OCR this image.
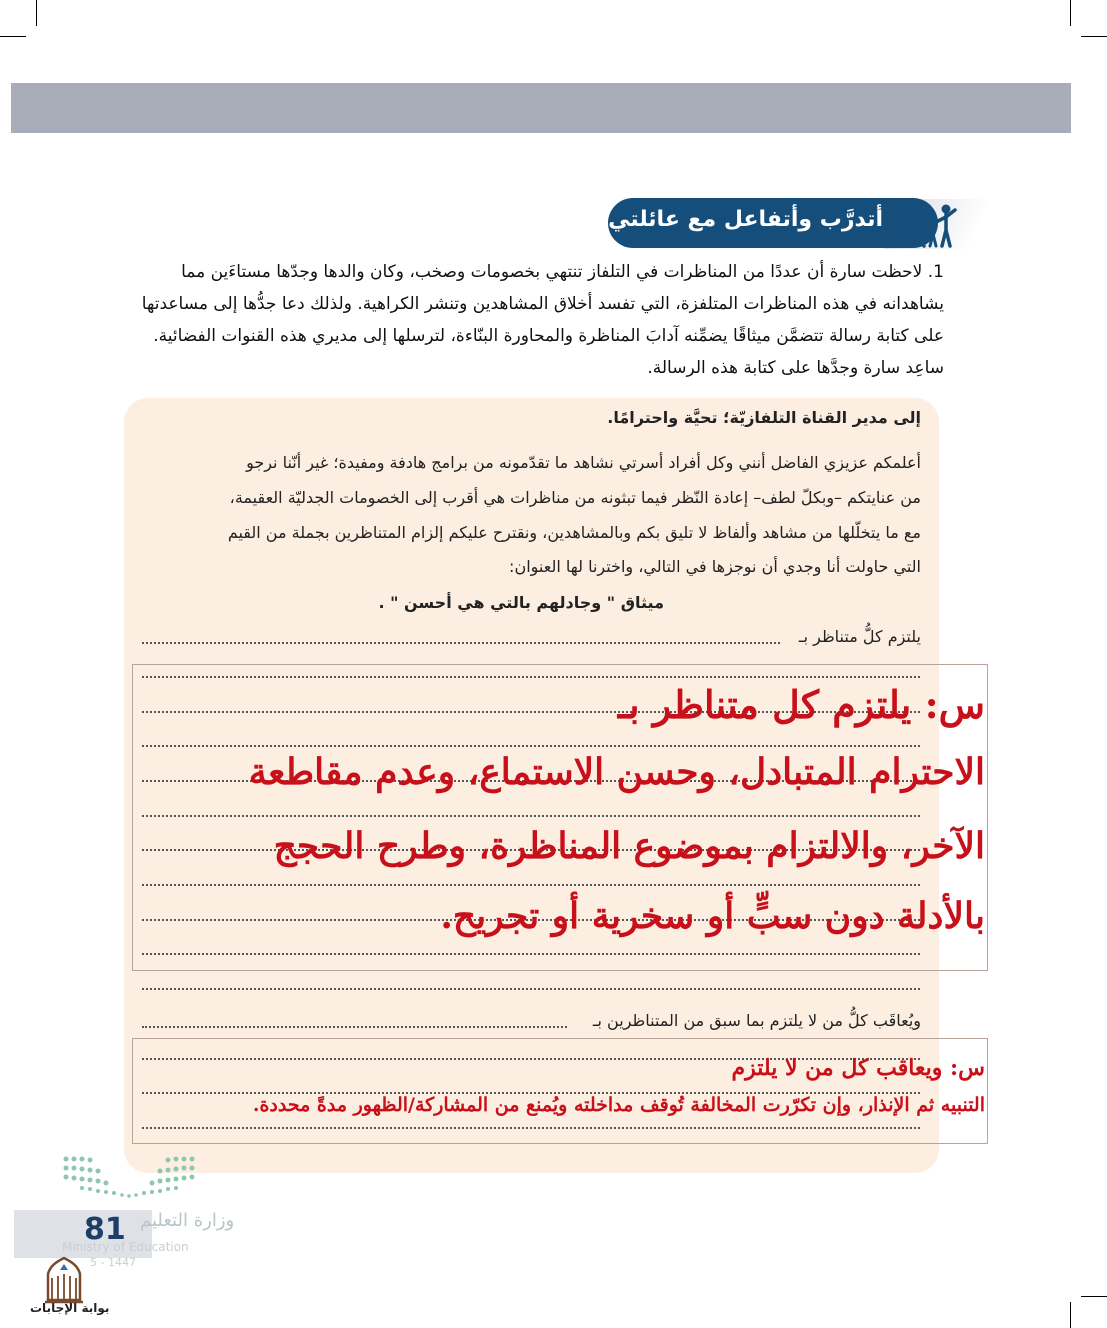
أتدرَّب وأتفاعل مع عائلتي
1. لاحظت سارة أن عددًا من المناظرات في التلفاز تنتهي بخصومات وصخب، وكان والدها وجدّها مستاءَين مما
يشاهدانه في هذه المناظرات المتلفزة، التي تفسد أخلاق المشاهدين وتنشر الكراهية. ولذلك دعا جدُّها إلى مساعدتها
على كتابة رسالة تتضمَّن ميثاقًا يضمِّنه آدابَ المناظرة والمحاورة البنّاءة، لترسلها إلى مديري هذه القنوات الفضائية.
ساعِد سارة وجدَّها على كتابة هذه الرسالة.
إلى مدير القناة التلفازيّة؛ تحيَّة واحترامًا.
أعلمكم عزيزي الفاضل أنني وكل أفراد أسرتي نشاهد ما تقدّمونه من برامج هادفة ومفيدة؛ غير أنّنا نرجو
من عنايتكم –وبكلّ لطف– إعادة النّظر فيما تبثونه من مناظرات هي أقرب إلى الخصومات الجدليّة العقيمة،
مع ما يتخلّلها من مشاهد وألفاظ لا تليق بكم وبالمشاهدين، ونقترح عليكم إلزام المتناظرين بجملة من القيم
التي حاولت أنا وجدي أن نوجزها في التالي، واخترنا لها العنوان:
ميثاق " وجادلهم بالتي هي أحسن " .
يلتزم كلُّ متناظر بـ
س: يلتزم كل متناظر بـ
الاحترام المتبادل، وحسن الاستماع، وعدم مقاطعة
الآخر، والالتزام بموضوع المناظرة، وطرح الحجج
بالأدلة دون سبٍّ أو سخرية أو تجريح.
ويُعاقَب كلُّ من لا يلتزم بما سبق من المتناظرين بـ
س: ويعاقب كل من لا يلتزم
التنبيه ثم الإنذار، وإن تكرّرت المخالفة تُوقف مداخلته ويُمنع من المشاركة/الظهور مدةً محددة.
وزارة التعليم
81
Ministry of Education
5 - 1447
بوابة الإجابات
